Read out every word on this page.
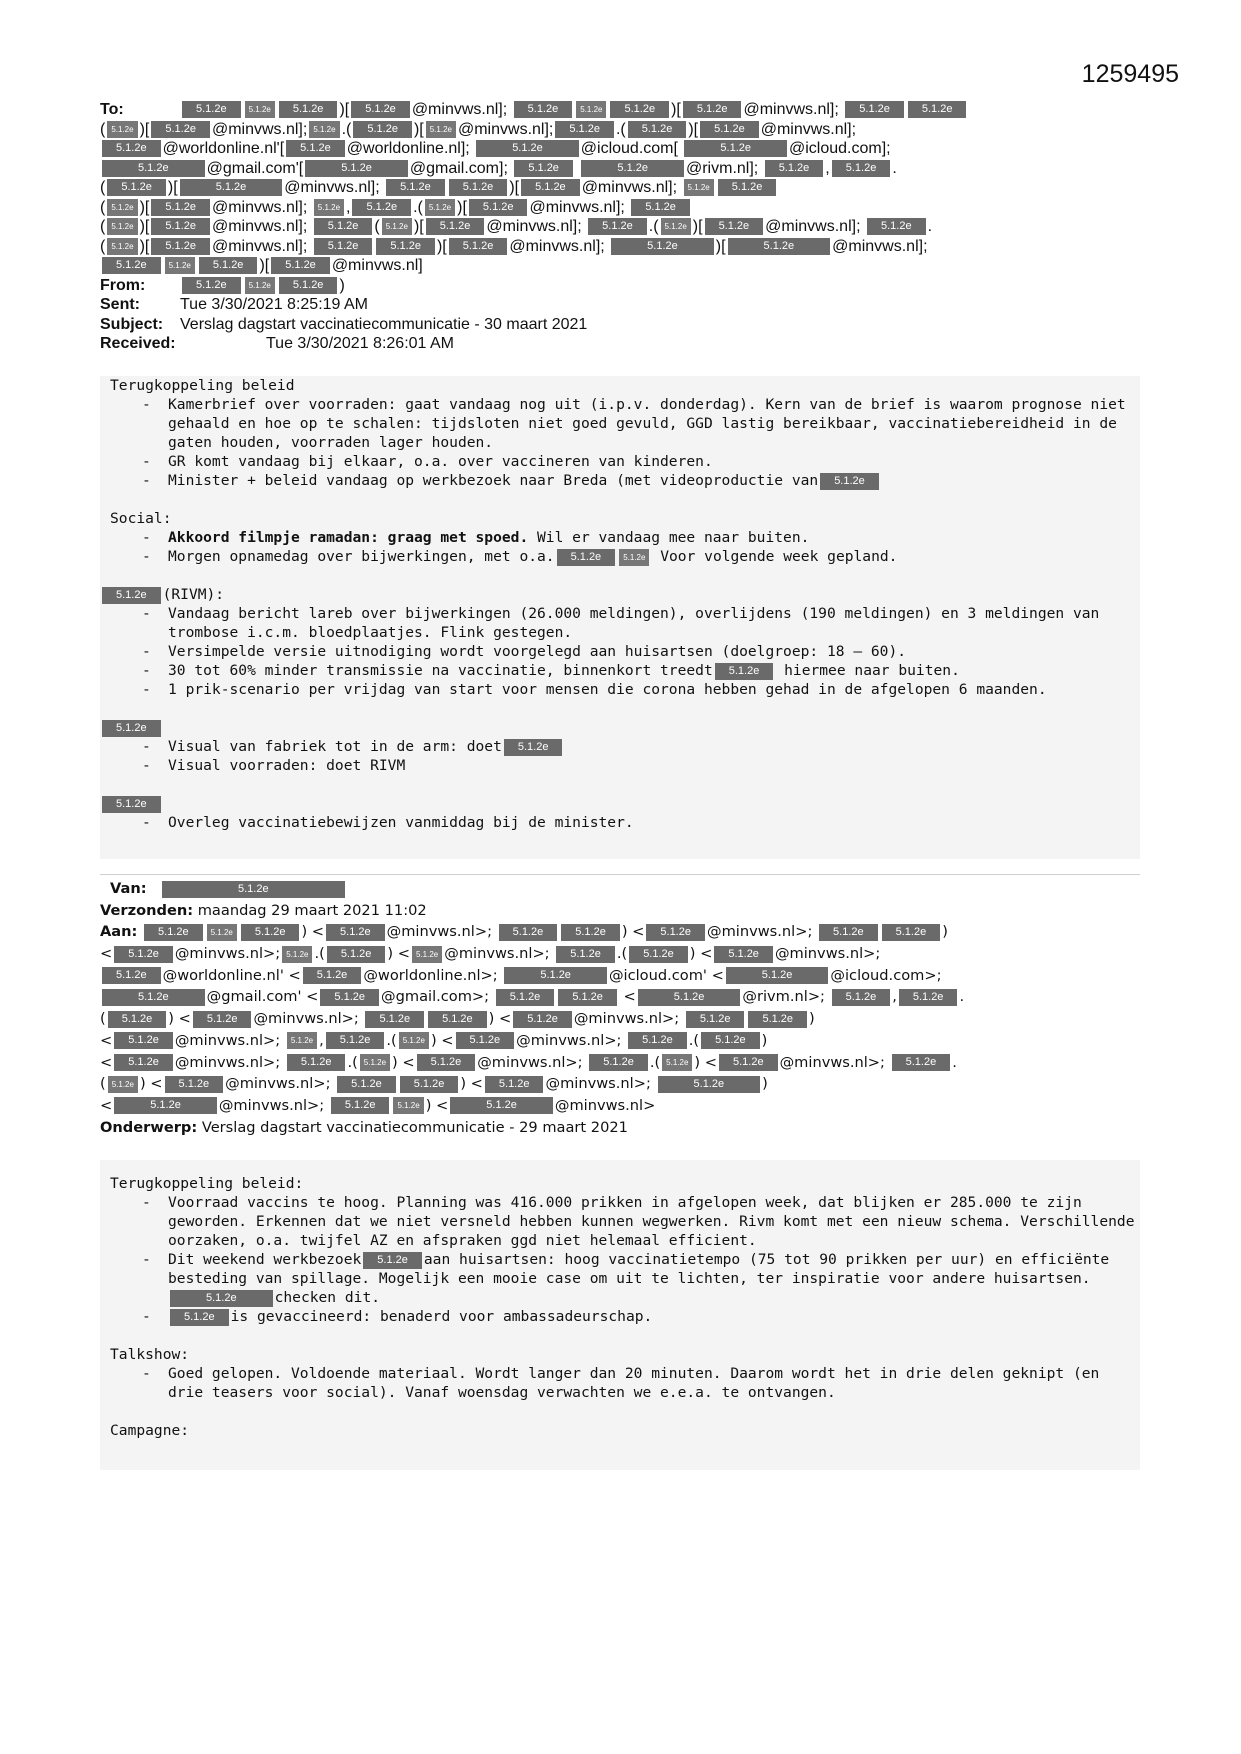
1259495
To:	5.1.2e	5.1.2e 5.1.2e )[ 5.1.2e @minvws.nl]; 5.1.2e	5.1.2e 5.1.2e )[ 5.1.2e @minvws.nl]; 5.1.2e	5.1.2e
( 5.1.2e )[ 5.1.2e @minvws.nl]; 5.1.2e .( 5.1.2e )[ 5.1.2e @minvws.nl]; 5.1.2e .( 5.1.2e )[ 5.1.2e @minvws.nl];
5.1.2e @worldonline.nl'[ 5.1.2e @worldonline.nl];	5.1.2e @icloud.com[	5.1.2e @icloud.com];
5.1.2e @gmail.com'[	5.1.2e @gmail.com]; 5.1.2e	5.1.2e @rivm.nl]; 5.1.2e , 5.1.2e .
( 5.1.2e )[	5.1.2e @minvws.nl]; 5.1.2e	5.1.2e )[ 5.1.2e @minvws.nl]; 5.1.2e 5.1.2e
( 5.1.2e )[ 5.1.2e @minvws.nl]; 5.1.2e , 5.1.2e .( 5.1.2e )[ 5.1.2e @minvws.nl]; 5.1.2e
( 5.1.2e )[ 5.1.2e @minvws.nl]; 5.1.2e ( 5.1.2e )[ 5.1.2e @minvws.nl]; 5.1.2e .( 5.1.2e )[ 5.1.2e @minvws.nl]; 5.1.2e .
( 5.1.2e )[ 5.1.2e @minvws.nl]; 5.1.2e	5.1.2e )[ 5.1.2e @minvws.nl];	5.1.2e )[	5.1.2e @minvws.nl];
5.1.2e	5.1.2e 5.1.2e )[ 5.1.2e @minvws.nl]
From:	5.1.2e	5.1.2e 5.1.2e )
Sent:	Tue 3/30/2021 8:25:19 AM
Subject: Verslag dagstart vaccinatiecommunicatie - 30 maart 2021
Received:	Tue 3/30/2021 8:26:01 AM

Terugkoppeling beleid

- Kamerbrief over voorraden: gaat vandaag nog uit (i.p.v. donderdag). Kern van de brief is waarom prognose niet gehaald en hoe op te schalen: tijdsloten niet goed gevuld, GGD lastig bereikbaar, vaccinatiebereidheid in de gaten houden, voorraden lager houden.
- GR komt vandaag bij elkaar, o.a. over vaccineren van kinderen.
- Minister + beleid vandaag op werkbezoek naar Breda (met videoproductie van 5.1.2e

Social:

- Akkoord filmpje ramadan: graag met spoed. Wil er vandaag mee naar buiten.
- Morgen opnamedag over bijwerkingen, met o.a. 5.1.2e	5.1.2e Voor volgende week gepland.

5.1.2e (RIVM):

- Vandaag bericht lareb over bijwerkingen (26.000 meldingen), overlijdens (190 meldingen) en 3 meldingen van trombose i.c.m. bloedplaatjes. Flink gestegen.
- Versimpelde versie uitnodiging wordt voorgelegd aan huisartsen (doelgroep: 18 – 60).
- 30 tot 60% minder transmissie na vaccinatie, binnenkort treedt 5.1.2e hiermee naar buiten.
- 1 prik-scenario per vrijdag van start voor mensen die corona hebben gehad in de afgelopen 6 maanden.

5.1.2e

- Visual van fabriek tot in de arm: doet 5.1.2e
- Visual voorraden: doet RIVM

5.1.2e

- Overleg vaccinatiebewijzen vanmiddag bij de minister.
Van:	5.1.2e
Verzonden: maandag 29 maart 2021 11:02
Aan: 5.1.2e	5.1.2e 5.1.2e ) < 5.1.2e @minvws.nl>; 5.1.2e	5.1.2e ) < 5.1.2e @minvws.nl>; 5.1.2e	5.1.2e )
< 5.1.2e @minvws.nl>; 5.1.2e .( 5.1.2e ) < 5.1.2e @minvws.nl>; 5.1.2e .( 5.1.2e ) < 5.1.2e @minvws.nl>;
5.1.2e @worldonline.nl' < 5.1.2e @worldonline.nl>;	5.1.2e	@icloud.com' <	5.1.2e	@icloud.com>;
5.1.2e	@gmail.com' < 5.1.2e @gmail.com>; 5.1.2e	5.1.2e <	5.1.2e	@rivm.nl>; 5.1.2e , 5.1.2e .
( 5.1.2e ) < 5.1.2e @minvws.nl>; 5.1.2e	5.1.2e ) < 5.1.2e @minvws.nl>; 5.1.2e	5.1.2e )
< 5.1.2e @minvws.nl>; 5.1.2e , 5.1.2e .( 5.1.2e ) < 5.1.2e @minvws.nl>; 5.1.2e .( 5.1.2e )
< 5.1.2e @minvws.nl>; 5.1.2e .( 5.1.2e ) < 5.1.2e @minvws.nl>; 5.1.2e .( 5.1.2e ) < 5.1.2e @minvws.nl>; 5.1.2e .
( 5.1.2e ) < 5.1.2e @minvws.nl>; 5.1.2e	5.1.2e ) < 5.1.2e @minvws.nl>;	5.1.2e	)
<	5.1.2e	@minvws.nl>; 5.1.2e	5.1.2e ) <	5.1.2e	@minvws.nl>
Onderwerp: Verslag dagstart vaccinatiecommunicatie - 29 maart 2021

Terugkoppeling beleid:

- Voorraad vaccins te hoog. Planning was 416.000 prikken in afgelopen week, dat blijken er 285.000 te zijn geworden. Erkennen dat we niet versneld hebben kunnen wegwerken. Rivm komt met een nieuw schema. Verschillende oorzaken, o.a. twijfel AZ en afspraken ggd niet helemaal efficient.
- Dit weekend werkbezoek 5.1.2e aan huisartsen: hoog vaccinatietempo (75 tot 90 prikken per uur) en efficiënte besteding van spillage. Mogelijk een mooie case om uit te lichten, ter inspiratie voor andere huisartsen.5.1.2e	checken dit.
- 5.1.2e is gevaccineerd: benaderd voor ambassadeurschap.

Talkshow:

- Goed gelopen. Voldoende materiaal. Wordt langer dan 20 minuten. Daarom wordt het in drie delen geknipt (en drie teasers voor social). Vanaf woensdag verwachten we e.e.a. te ontvangen.

Campagne:
